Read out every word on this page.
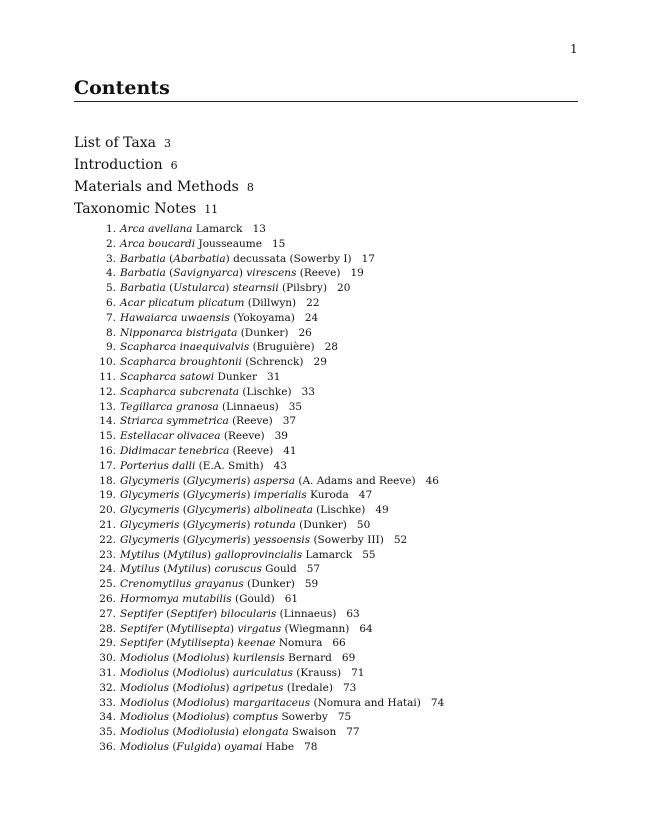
1
Contents
List of Taxa 3
Introduction 6
Materials and Methods 8
Taxonomic Notes 11
1. Arca avellana Lamarck 13
2. Arca boucardi Jousseaume 15
3. Barbatia (Abarbatia) decussata (Sowerby I) 17
4. Barbatia (Savignyarca) virescens (Reeve) 19
5. Barbatia (Ustularca) stearnsii (Pilsbry) 20
6. Acar plicatum plicatum (Dillwyn) 22
7. Hawaiarca uwaensis (Yokoyama) 24
8. Nipponarca bistrigata (Dunker) 26
9. Scapharca inaequivalvis (Bruguière) 28
10. Scapharca broughtonii (Schrenck) 29
11. Scapharca satowi Dunker 31
12. Scapharca subcrenata (Lischke) 33
13. Tegillarca granosa (Linnaeus) 35
14. Striarca symmetrica (Reeve) 37
15. Estellacar olivacea (Reeve) 39
16. Didimacar tenebrica (Reeve) 41
17. Porterius dalli (E.A. Smith) 43
18. Glycymeris (Glycymeris) aspersa (A. Adams and Reeve) 46
19. Glycymeris (Glycymeris) imperialis Kuroda 47
20. Glycymeris (Glycymeris) albolineata (Lischke) 49
21. Glycymeris (Glycymeris) rotunda (Dunker) 50
22. Glycymeris (Glycymeris) yessoensis (Sowerby III) 52
23. Mytilus (Mytilus) galloprovincialis Lamarck 55
24. Mytilus (Mytilus) coruscus Gould 57
25. Crenomytilus grayanus (Dunker) 59
26. Hormomya mutabilis (Gould) 61
27. Septifer (Septifer) bilocularis (Linnaeus) 63
28. Septifer (Mytilisepta) virgatus (Wiegmann) 64
29. Septifer (Mytilisepta) keenae Nomura 66
30. Modiolus (Modiolus) kurilensis Bernard 69
31. Modiolus (Modiolus) auriculatus (Krauss) 71
32. Modiolus (Modiolus) agripetus (Iredale) 73
33. Modiolus (Modiolus) margaritaceus (Nomura and Hatai) 74
34. Modiolus (Modiolus) comptus Sowerby 75
35. Modiolus (Modiolusia) elongata Swaison 77
36. Modiolus (Fulgida) oyamai Habe 78
